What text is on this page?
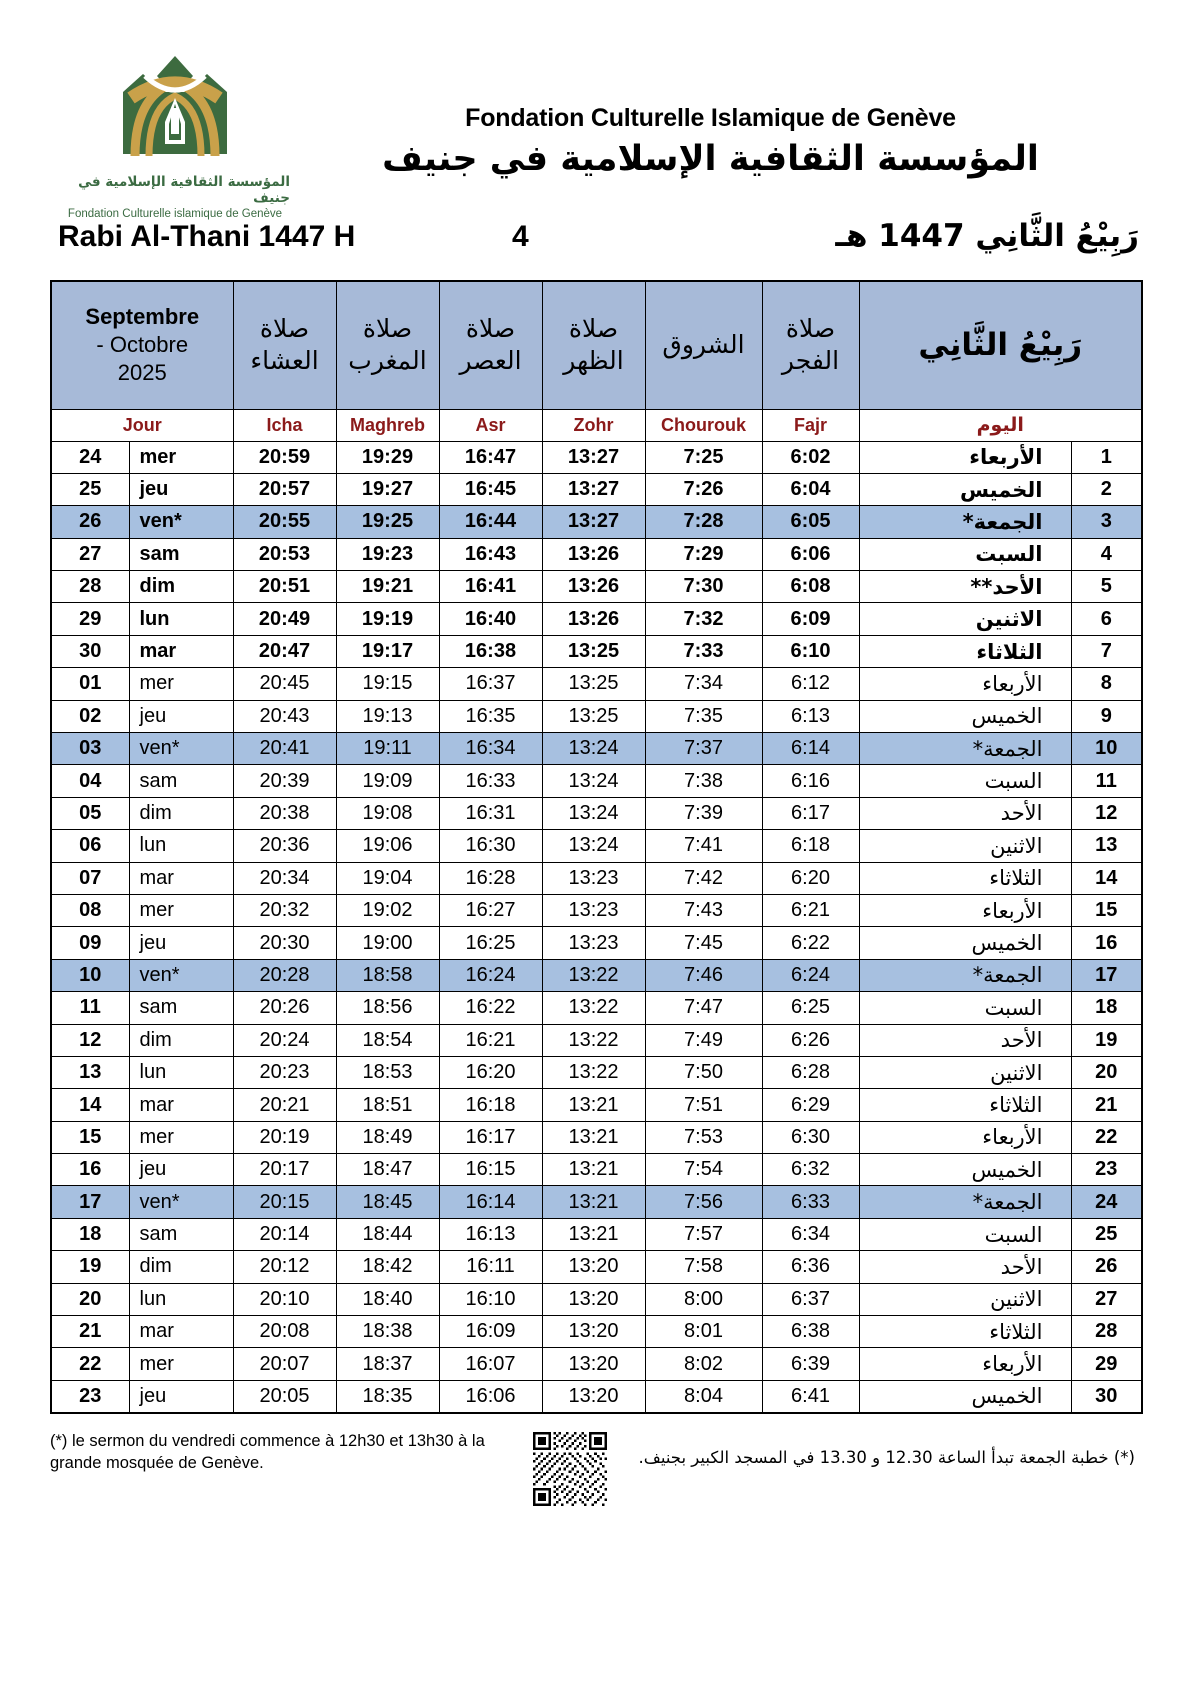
المؤسسة الثقافية الإسلامية في جنيف
Fondation Culturelle islamique de Genève
Fondation Culturelle Islamique de Genève
المؤسسة الثقافية الإسلامية في جنيف
Rabi Al-Thani 1447 H	4	رَبِيْعُ الثَّانِي 1447 هـ
Septembre
- Octobre
2025		صلاة العشاء	صلاة المغرب	صلاة العصر	صلاة الظهر	الشروق	صلاة الفجر	رَبِيْعُ الثَّانِي	

Jour		Icha	Maghreb	Asr	Zohr	Chourouk	Fajr	اليوم	
24	mer	20:59	19:29	16:47	13:27	7:25	6:02	الأربعاء	1
25	jeu	20:57	19:27	16:45	13:27	7:26	6:04	الخميس	2
26	ven*	20:55	19:25	16:44	13:27	7:28	6:05	الجمعة*	3
27	sam	20:53	19:23	16:43	13:26	7:29	6:06	السبت	4
28	dim	20:51	19:21	16:41	13:26	7:30	6:08	الأحد**	5
29	lun	20:49	19:19	16:40	13:26	7:32	6:09	الاثنين	6
30	mar	20:47	19:17	16:38	13:25	7:33	6:10	الثلاثاء	7
01	mer	20:45	19:15	16:37	13:25	7:34	6:12	الأربعاء	8
02	jeu	20:43	19:13	16:35	13:25	7:35	6:13	الخميس	9
03	ven*	20:41	19:11	16:34	13:24	7:37	6:14	الجمعة*	10
04	sam	20:39	19:09	16:33	13:24	7:38	6:16	السبت	11
05	dim	20:38	19:08	16:31	13:24	7:39	6:17	الأحد	12
06	lun	20:36	19:06	16:30	13:24	7:41	6:18	الاثنين	13
07	mar	20:34	19:04	16:28	13:23	7:42	6:20	الثلاثاء	14
08	mer	20:32	19:02	16:27	13:23	7:43	6:21	الأربعاء	15
09	jeu	20:30	19:00	16:25	13:23	7:45	6:22	الخميس	16
10	ven*	20:28	18:58	16:24	13:22	7:46	6:24	الجمعة*	17
11	sam	20:26	18:56	16:22	13:22	7:47	6:25	السبت	18
12	dim	20:24	18:54	16:21	13:22	7:49	6:26	الأحد	19
13	lun	20:23	18:53	16:20	13:22	7:50	6:28	الاثنين	20
14	mar	20:21	18:51	16:18	13:21	7:51	6:29	الثلاثاء	21
15	mer	20:19	18:49	16:17	13:21	7:53	6:30	الأربعاء	22
16	jeu	20:17	18:47	16:15	13:21	7:54	6:32	الخميس	23
17	ven*	20:15	18:45	16:14	13:21	7:56	6:33	الجمعة*	24
18	sam	20:14	18:44	16:13	13:21	7:57	6:34	السبت	25
19	dim	20:12	18:42	16:11	13:20	7:58	6:36	الأحد	26
20	lun	20:10	18:40	16:10	13:20	8:00	6:37	الاثنين	27
21	mar	20:08	18:38	16:09	13:20	8:01	6:38	الثلاثاء	28
22	mer	20:07	18:37	16:07	13:20	8:02	6:39	الأربعاء	29
23	jeu	20:05	18:35	16:06	13:20	8:04	6:41	الخميس	30
(*) le sermon du vendredi commence à 12h30 et 13h30 à la grande mosquée de Genève.	(*) خطبة الجمعة تبدأ الساعة 12.30 و 13.30 في المسجد الكبير بجنيف.
